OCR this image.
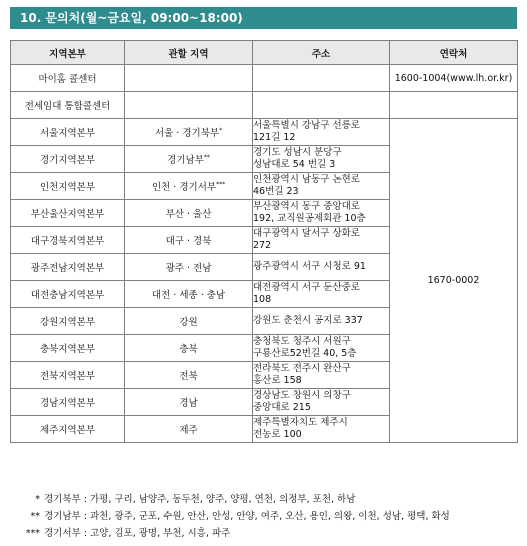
10. 문의처(월~금요일, 09:00~18:00)
지역본부	관할 지역	주소	연락처
마이홈 콜센터			1600-1004(www.lh.or.kr)
전세임대 통합콜센터			
서울지역본부	서울 · 경기북부*	서울특별시 강남구 선릉로
121길 12	1670-0002
경기지역본부	경기남부**	경기도 성남시 분당구
성남대로 54 번길 3	
인천지역본부	인천 · 경기서부***	인천광역시 남동구 논현로
46번길 23	
부산울산지역본부	부산 · 울산	부산광역시 동구 중앙대로
192, 교직원공제회관 10층	
대구경북지역본부	대구 · 경북	대구광역시 달서구 상화로
272	
광주전남지역본부	광주 · 전남	광주광역시 서구 시청로 91	
대전충남지역본부	대전 · 세종 · 충남	대전광역시 서구 둔산중로
108	
강원지역본부	강원	강원도 춘천시 공지로 337	
충북지역본부	충북	충청북도 청주시 서원구
구룡산로52번길 40, 5층	
전북지역본부	전북	전라북도 전주시 완산구
홍산로 158	
경남지역본부	경남	경상남도 창원시 의창구
중앙대로 215	
제주지역본부	제주	제주특별자치도 제주시
전농로 100	
* 경기북부 : 가평, 구리, 남양주, 동두천, 양주, 양평, 연천, 의정부, 포천, 하남
** 경기남부 : 과천, 광주, 군포, 수원, 안산, 안성, 안양, 여주, 오산, 용인, 의왕, 이천, 성남, 평택, 화성
*** 경기서부 : 고양, 김포, 광명, 부천, 시흥, 파주
